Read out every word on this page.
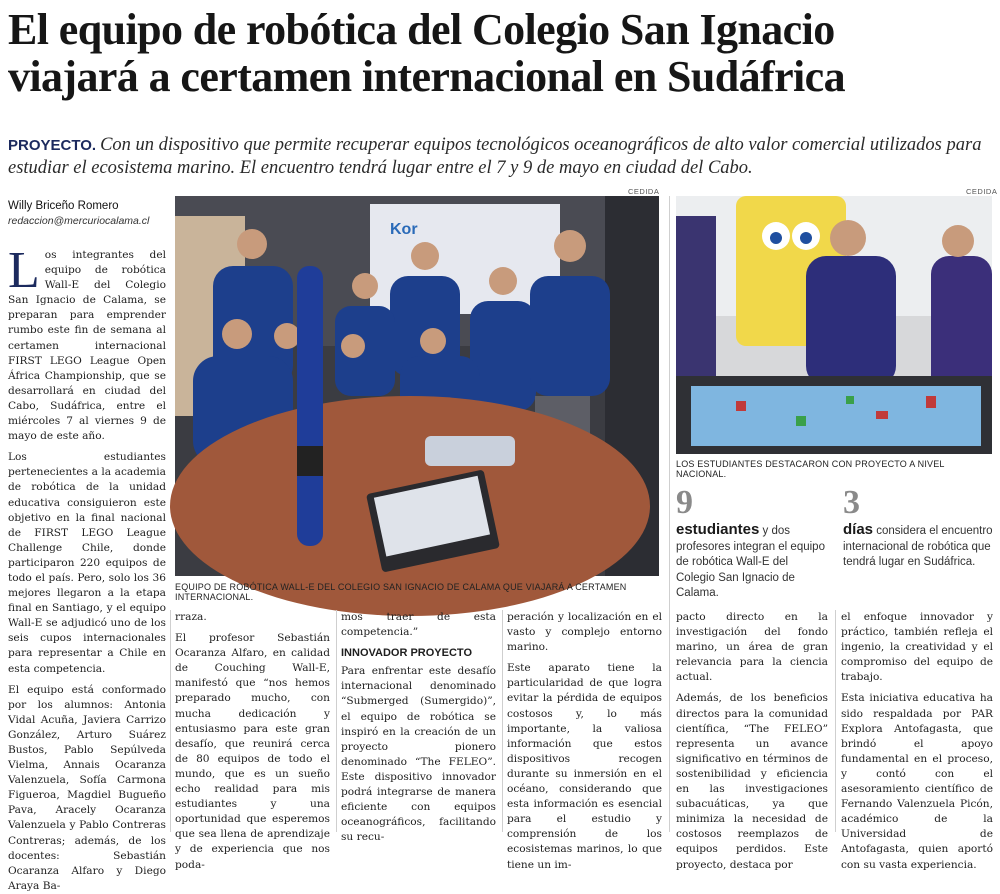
El equipo de robótica del Colegio San Ignacio
viajará a certamen internacional en Sudáfrica
PROYECTO. Con un dispositivo que permite recuperar equipos tecnológicos oceanográficos de alto valor comercial utilizados para estudiar el ecosistema marino. El encuentro tendrá lugar entre el 7 y 9 de mayo en ciudad del Cabo.
Willy Briceño Romero
redaccion@mercuriocalama.cl
CEDIDA
Kor
EQUIPO DE ROBÓTICA WALL-E DEL COLEGIO SAN IGNACIO DE CALAMA QUE VIAJARÁ A CERTAMEN INTERNACIONAL.
CEDIDA
LOS ESTUDIANTES DESTACARON CON PROYECTO A NIVEL NACIONAL.
9
estudiantes y dos profesores integran el equipo de robótica Wall-E del Colegio San Ignacio de Calama.
3
días considera el encuentro internacional de robótica que tendrá lugar en Sudáfrica.

Los integrantes del equipo de robótica Wall-E del Colegio San Ignacio de Calama, se preparan para emprender rumbo este fin de semana al certamen internacional FIRST LEGO League Open África Championship, que se desarrollará en ciudad del Cabo, Sudáfrica, entre el miércoles 7 al viernes 9 de mayo de este año.

Los estudiantes pertenecientes a la academia de robótica de la unidad educativa consiguieron este objetivo en la final nacional de FIRST LEGO League Challenge Chile, donde participaron 220 equipos de todo el país. Pero, solo los 36 mejores llegaron a la etapa final en Santiago, y el equipo Wall-E se adjudicó uno de los seis cupos internacionales para representar a Chile en esta competencia.

El equipo está conformado por los alumnos: Antonia Vidal Acuña, Javiera Carrizo González, Arturo Suárez Bustos, Pablo Sepúlveda Vielma, Annais Ocaranza Valenzuela, Sofía Carmona Figueroa, Magdiel Bugueño Pava, Aracely Ocaranza Valenzuela y Pablo Contreras Contreras; además, de los docentes: Sebastián Ocaranza Alfaro y Diego Araya Ba-

rraza.

El profesor Sebastián Ocaranza Alfaro, en calidad de Couching Wall-E, manifestó que “nos hemos preparado mucho, con mucha dedicación y entusiasmo para este gran desafío, que reunirá cerca de 80 equipos de todo el mundo, que es un sueño echo realidad para mis estudiantes y una oportunidad que esperemos que sea llena de aprendizaje y de experiencia que nos poda-

mos traer de esta competencia.”

INNOVADOR PROYECTO

Para enfrentar este desafío internacional denominado “Submerged (Sumergido)”, el equipo de robótica se inspiró en la creación de un proyecto pionero denominado “The FELEO”. Este dispositivo innovador podrá integrarse de manera eficiente con equipos oceanográficos, facilitando su recu-

peración y localización en el vasto y complejo entorno marino.

Este aparato tiene la particularidad de que logra evitar la pérdida de equipos costosos y, lo más importante, la valiosa información que estos dispositivos recogen durante su inmersión en el océano, considerando que esta información es esencial para el estudio y comprensión de los ecosistemas marinos, lo que tiene un im-

pacto directo en la investigación del fondo marino, un área de gran relevancia para la ciencia actual.

Además, de los beneficios directos para la comunidad científica, “The FELEO” representa un avance significativo en términos de sostenibilidad y eficiencia en las investigaciones subacuáticas, ya que minimiza la necesidad de costosos reemplazos de equipos perdidos. Este proyecto, destaca por

el enfoque innovador y práctico, también refleja el ingenio, la creatividad y el compromiso del equipo de trabajo.

Esta iniciativa educativa ha sido respaldada por PAR Explora Antofagasta, que brindó el apoyo fundamental en el proceso, y contó con el asesoramiento científico de Fernando Valenzuela Picón, académico de la Universidad de Antofagasta, quien aportó con su vasta experiencia.
